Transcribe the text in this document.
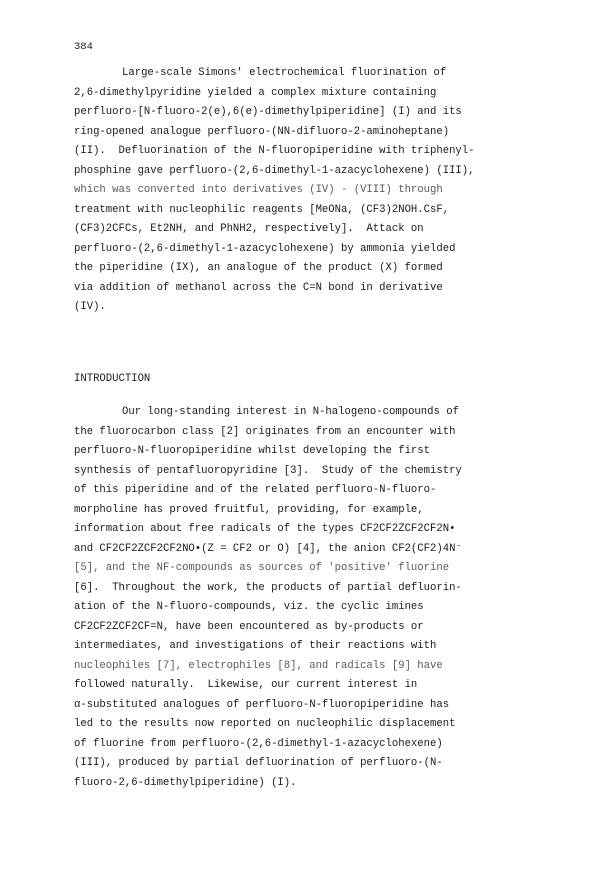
384
Large-scale Simons' electrochemical fluorination of
2,6-dimethylpyridine yielded a complex mixture containing
perfluoro-[N-fluoro-2(e),6(e)-dimethylpiperidine] (I) and its
ring-opened analogue perfluoro-(NN-difluoro-2-aminoheptane)
(II).  Defluorination of the N-fluoropiperidine with triphenyl-
phosphine gave perfluoro-(2,6-dimethyl-1-azacyclohexene) (III),
which was converted into derivatives (IV) - (VIII) through
treatment with nucleophilic reagents [MeONa, (CF3)2NOH.CsF,
(CF3)2CFCs, Et2NH, and PhNH2, respectively].  Attack on
perfluoro-(2,6-dimethyl-1-azacyclohexene) by ammonia yielded
the piperidine (IX), an analogue of the product (X) formed
via addition of methanol across the C=N bond in derivative
(IV).
INTRODUCTION
Our long-standing interest in N-halogeno-compounds of
the fluorocarbon class [2] originates from an encounter with
perfluoro-N-fluoropiperidine whilst developing the first
synthesis of pentafluoropyridine [3].  Study of the chemistry
of this piperidine and of the related perfluoro-N-fluoro-
morpholine has proved fruitful, providing, for example,
information about free radicals of the types CF2CF2ZCF2CF2N•
and CF2CF2ZCF2CF2NO•(Z = CF2 or O) [4], the anion CF2(CF2)4N⁻
[5], and the NF-compounds as sources of 'positive' fluorine
[6].  Throughout the work, the products of partial defluorin-
ation of the N-fluoro-compounds, viz. the cyclic imines
CF2CF2ZCF2CF=N, have been encountered as by-products or
intermediates, and investigations of their reactions with
nucleophiles [7], electrophiles [8], and radicals [9] have
followed naturally.  Likewise, our current interest in
α-substituted analogues of perfluoro-N-fluoropiperidine has
led to the results now reported on nucleophilic displacement
of fluorine from perfluoro-(2,6-dimethyl-1-azacyclohexene)
(III), produced by partial defluorination of perfluoro-(N-
fluoro-2,6-dimethylpiperidine) (I).
